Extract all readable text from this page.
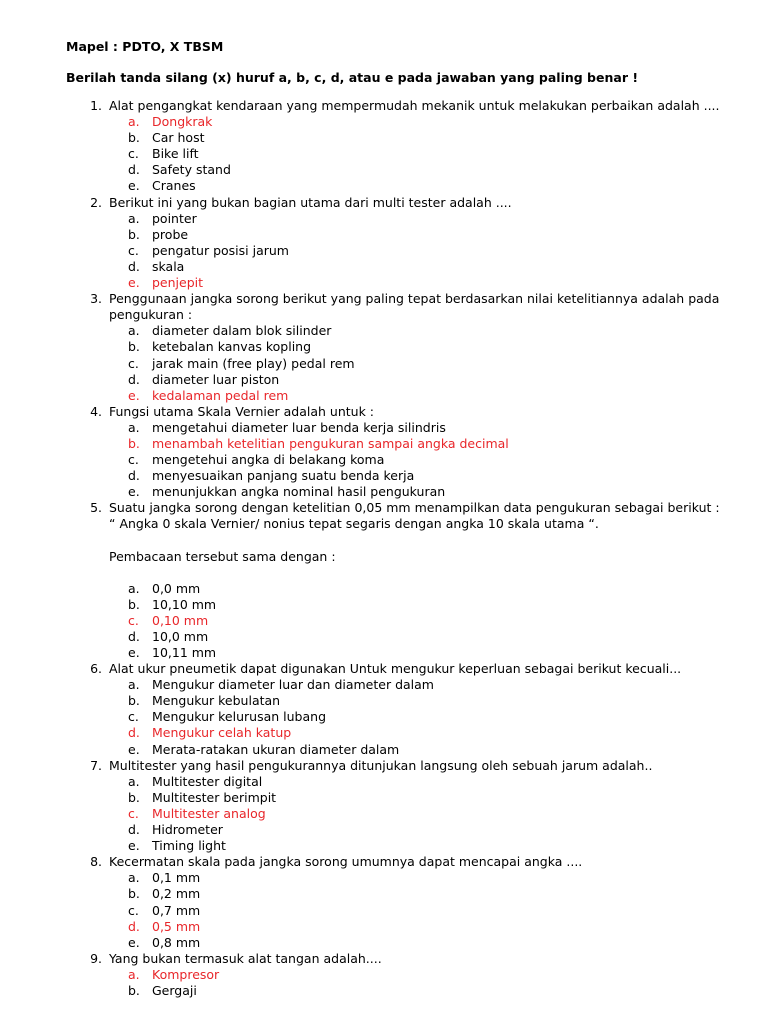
Mapel : PDTO, X TBSM

Berilah tanda silang (x) huruf a, b, c, d, atau e pada jawaban yang paling benar !

1. Alat pengangkat kendaraan yang mempermudah mekanik untuk melakukan perbaikan adalah ....
a. Dongkrak
b. Car host
c. Bike lift
d. Safety stand
e. Cranes
2. Berikut ini yang bukan bagian utama dari multi tester adalah ....
a. pointer
b. probe
c. pengatur posisi jarum
d. skala
e. penjepit
3. Penggunaan jangka sorong berikut yang paling tepat berdasarkan nilai ketelitiannya adalah pada
pengukuran :
a. diameter dalam blok silinder
b. ketebalan kanvas kopling
c. jarak main (free play) pedal rem
d. diameter luar piston
e. kedalaman pedal rem
4. Fungsi utama Skala Vernier adalah untuk :
a. mengetahui diameter luar benda kerja silindris
b. menambah ketelitian pengukuran sampai angka decimal
c. mengetehui angka di belakang koma
d. menyesuaikan panjang suatu benda kerja
e. menunjukkan angka nominal hasil pengukuran
5. Suatu jangka sorong dengan ketelitian 0,05 mm menampilkan data pengukuran sebagai berikut :
“ Angka 0 skala Vernier/ nonius tepat segaris dengan angka 10 skala utama “.
Pembacaan tersebut sama dengan :
a. 0,0 mm
b. 10,10 mm
c. 0,10 mm
d. 10,0 mm
e. 10,11 mm
6. Alat ukur pneumetik dapat digunakan Untuk mengukur keperluan sebagai berikut kecuali...
a. Mengukur diameter luar dan diameter dalam
b. Mengukur kebulatan
c. Mengukur kelurusan lubang
d. Mengukur celah katup
e. Merata-ratakan ukuran diameter dalam
7. Multitester yang hasil pengukurannya ditunjukan langsung oleh sebuah jarum adalah..
a. Multitester digital
b. Multitester berimpit
c. Multitester analog
d. Hidrometer
e. Timing light
8. Kecermatan skala pada jangka sorong umumnya dapat mencapai angka ....
a. 0,1 mm
b. 0,2 mm
c. 0,7 mm
d. 0,5 mm
e. 0,8 mm
9. Yang bukan termasuk alat tangan adalah....
a. Kompresor
b. Gergaji
